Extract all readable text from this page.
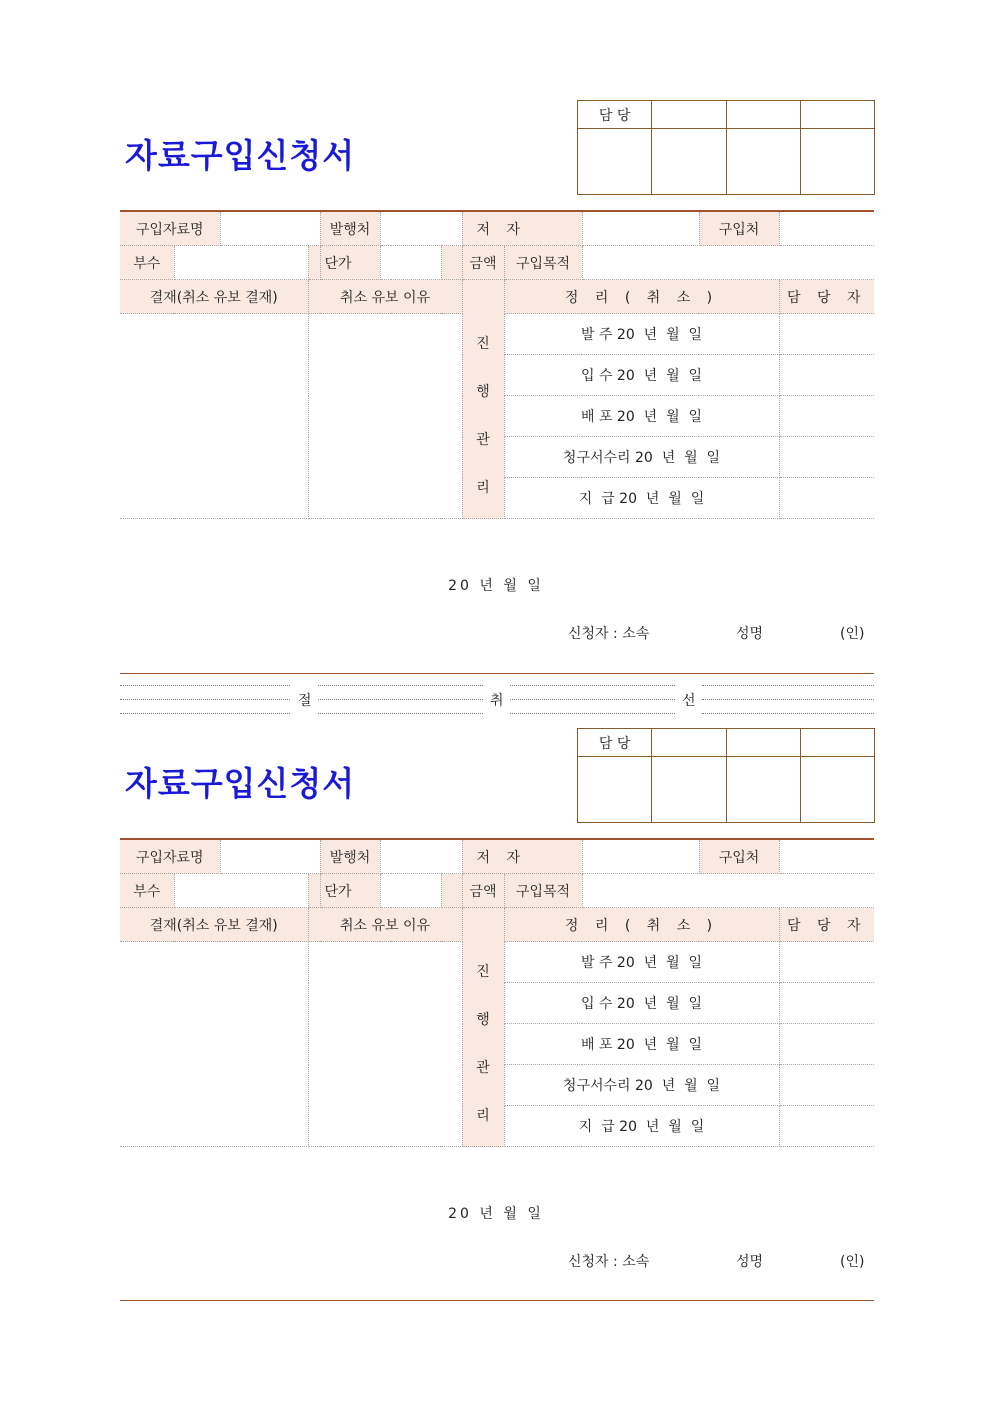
자료구입신청서
담 당			

구입자료명				발행처			저 자			구입처	
부수				단가			금액	구입목적			
결재(취소 유보 결재)			취소 유보 이유					정 리 ( 취 소 )			담 당 자

							진
행
관
리	발 주 20  년  월  일			
								입 수 20  년  월  일			
								배 포 20  년  월  일			
								청구서수리 20  년  월  일			
								지  급 20  년  월  일			
20 년 월 일
신청자 : 소속	성명	(인)
절	취	선
자료구입신청서
담 당			

구입자료명				발행처			저 자			구입처	
부수				단가			금액	구입목적			
결재(취소 유보 결재)			취소 유보 이유					정 리 ( 취 소 )			담 당 자

							진
행
관
리	발 주 20  년  월  일			
								입 수 20  년  월  일			
								배 포 20  년  월  일			
								청구서수리 20  년  월  일			
								지  급 20  년  월  일			
20 년 월 일
신청자 : 소속	성명	(인)
